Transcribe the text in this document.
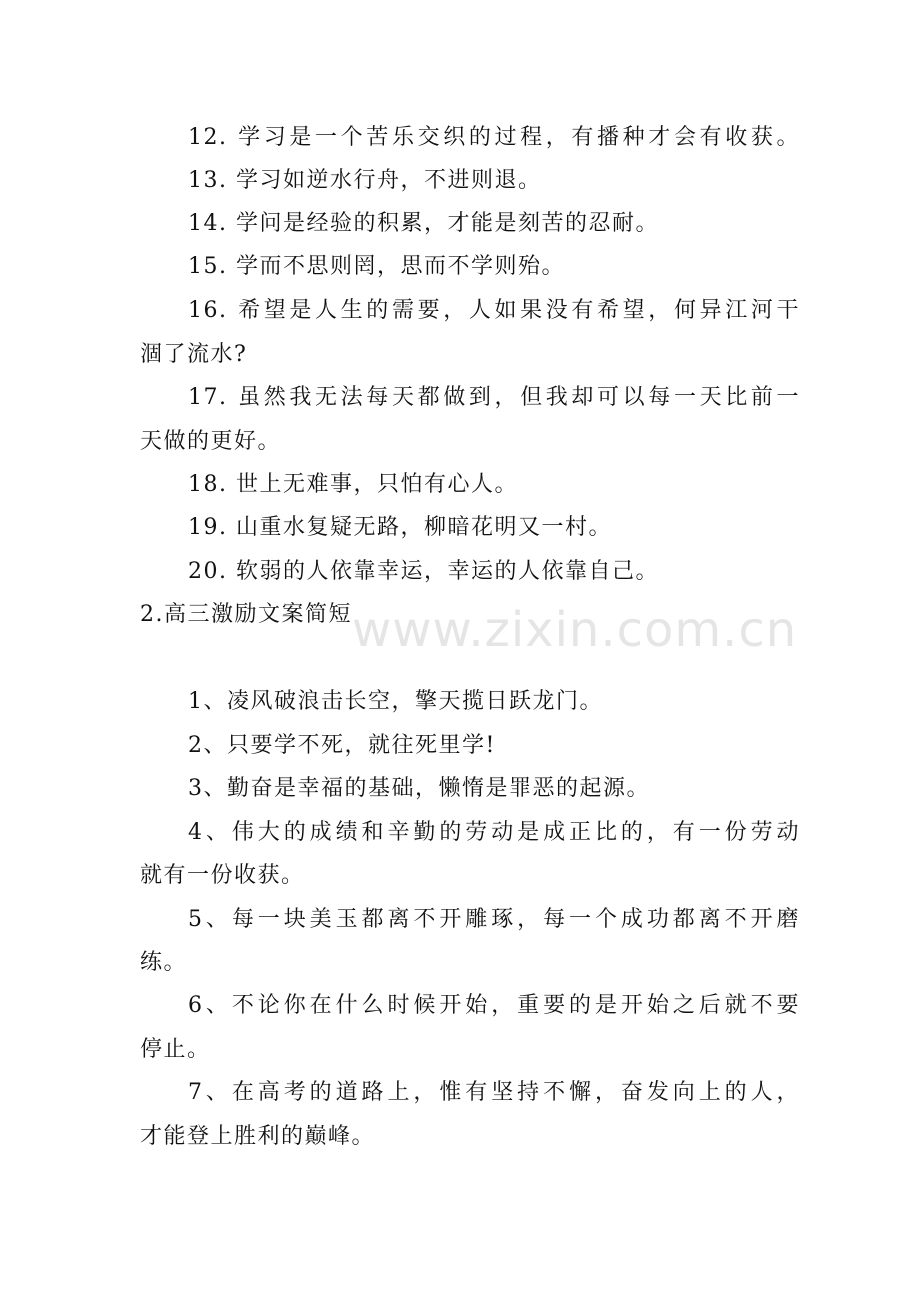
www.zixin.com.cn
12. 学习是一个苦乐交织的过程，有播种才会有收获。
13. 学习如逆水行舟，不进则退。
14. 学问是经验的积累，才能是刻苦的忍耐。
15. 学而不思则罔，思而不学则殆。
16. 希望是人生的需要，人如果没有希望，何异江河干
涸了流水?
17. 虽然我无法每天都做到，但我却可以每一天比前一
天做的更好。
18. 世上无难事，只怕有心人。
19. 山重水复疑无路，柳暗花明又一村。
20. 软弱的人依靠幸运，幸运的人依靠自己。
2.高三激励文案简短
1、凌风破浪击长空，擎天揽日跃龙门。
2、只要学不死，就往死里学!
3、勤奋是幸福的基础，懒惰是罪恶的起源。
4、伟大的成绩和辛勤的劳动是成正比的，有一份劳动
就有一份收获。
5、每一块美玉都离不开雕琢，每一个成功都离不开磨
练。
6、不论你在什么时候开始，重要的是开始之后就不要
停止。
7、在高考的道路上，惟有坚持不懈，奋发向上的人，
才能登上胜利的巅峰。
